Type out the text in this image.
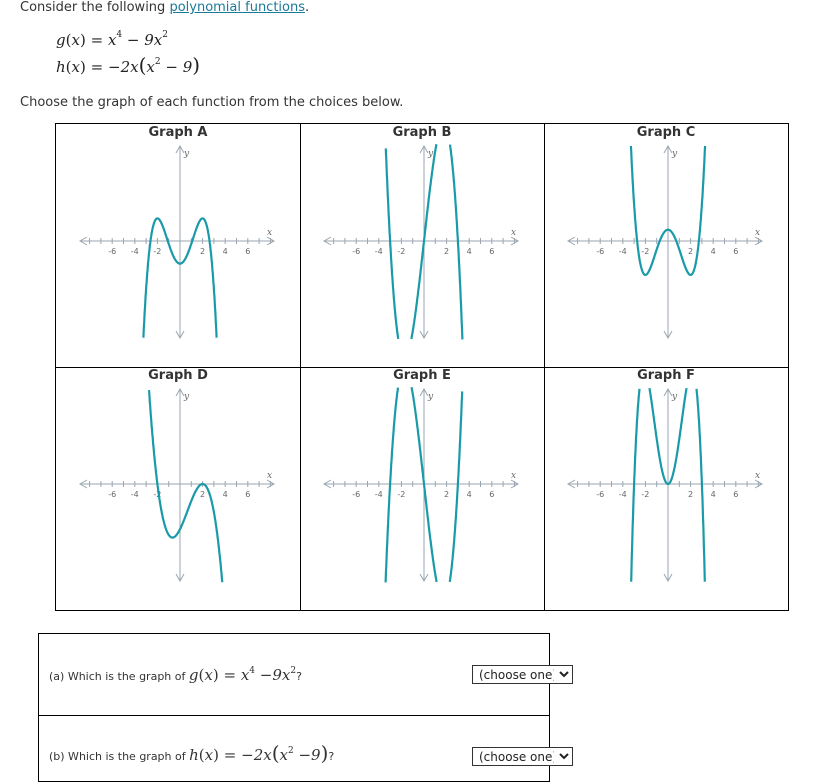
Consider the following polynomial functions.
$g(x) = x^4 - 9x^2$
$h(x) = -2x(x^2 - 9)$
Choose the graph of each function from the choices below.
Graph A
-6 -4 -2	2 4 6
x
y
Graph B
-6 -4 -2	2 4 6
x
y
Graph C
-6 -4 -2	2 4 6
x
y
Graph D
-6 -4 -2	2 4 6
x
y
Graph E
-6 -4 -2	2 4 6
x
y
Graph F
-6 -4 -2	2 4 6
x
y
(a) Which is the graph of $g(x) = x^4 -9x^2$?
(choose one)
(b) Which is the graph of $h(x) = -2x(x^2 -9)$?
(choose one)
